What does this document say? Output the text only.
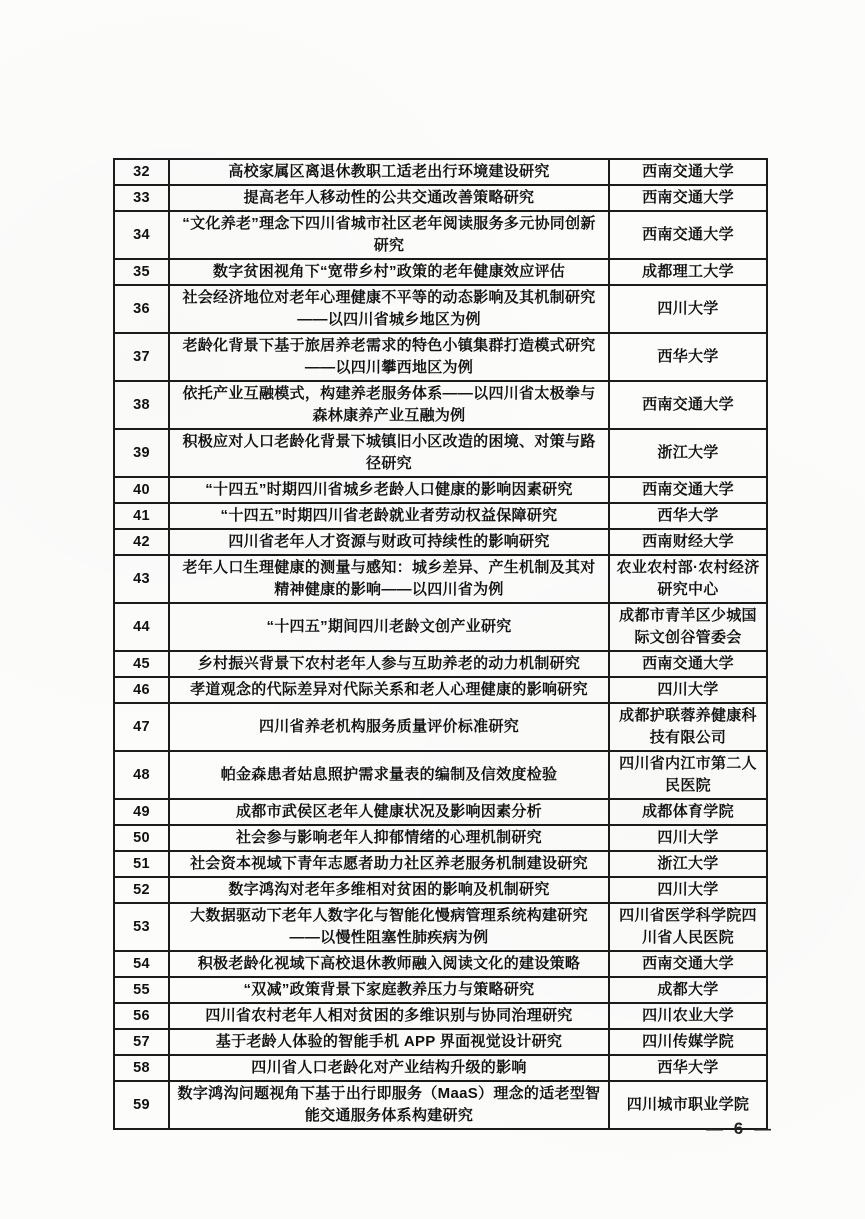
32	高校家属区离退休教职工适老出行环境建设研究	西南交通大学
33	提高老年人移动性的公共交通改善策略研究	西南交通大学
34	“文化养老”理念下四川省城市社区老年阅读服务多元协同创新研究	西南交通大学
35	数字贫困视角下“宽带乡村”政策的老年健康效应评估	成都理工大学
36	社会经济地位对老年心理健康不平等的动态影响及其机制研究——以四川省城乡地区为例	四川大学
37	老龄化背景下基于旅居养老需求的特色小镇集群打造模式研究——以四川攀西地区为例	西华大学
38	依托产业互融模式，构建养老服务体系——以四川省太极拳与森林康养产业互融为例	西南交通大学
39	积极应对人口老龄化背景下城镇旧小区改造的困境、对策与路径研究	浙江大学
40	“十四五”时期四川省城乡老龄人口健康的影响因素研究	西南交通大学
41	“十四五”时期四川省老龄就业者劳动权益保障研究	西华大学
42	四川省老年人才资源与财政可持续性的影响研究	西南财经大学
43	老年人口生理健康的测量与感知：城乡差异、产生机制及其对精神健康的影响——以四川省为例	农业农村部·农村经济研究中心
44	“十四五”期间四川老龄文创产业研究	成都市青羊区少城国际文创谷管委会
45	乡村振兴背景下农村老年人参与互助养老的动力机制研究	西南交通大学
46	孝道观念的代际差异对代际关系和老人心理健康的影响研究	四川大学
47	四川省养老机构服务质量评价标准研究	成都护联蓉养健康科技有限公司
48	帕金森患者姑息照护需求量表的编制及信效度检验	四川省内江市第二人民医院
49	成都市武侯区老年人健康状况及影响因素分析	成都体育学院
50	社会参与影响老年人抑郁情绪的心理机制研究	四川大学
51	社会资本视域下青年志愿者助力社区养老服务机制建设研究	浙江大学
52	数字鸿沟对老年多维相对贫困的影响及机制研究	四川大学
53	大数据驱动下老年人数字化与智能化慢病管理系统构建研究——以慢性阻塞性肺疾病为例	四川省医学科学院四川省人民医院
54	积极老龄化视域下高校退休教师融入阅读文化的建设策略	西南交通大学
55	“双减”政策背景下家庭教养压力与策略研究	成都大学
56	四川省农村老年人相对贫困的多维识别与协同治理研究	四川农业大学
57	基于老龄人体验的智能手机 APP 界面视觉设计研究	四川传媒学院
58	四川省人口老龄化对产业结构升级的影响	西华大学
59	数字鸿沟问题视角下基于出行即服务（MaaS）理念的适老型智能交通服务体系构建研究	四川城市职业学院
— 6 —
